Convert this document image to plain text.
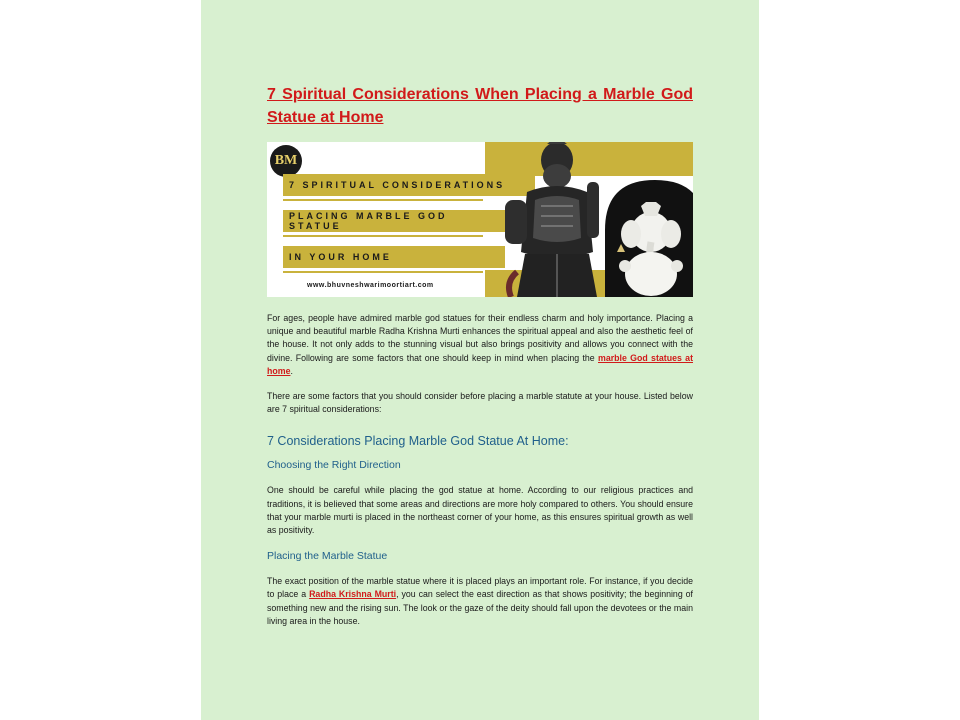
7 Spiritual Considerations When Placing a Marble God Statue at Home
BM
7 SPIRITUAL CONSIDERATIONS
PLACING MARBLE GOD STATUE
IN YOUR HOME
www.bhuvneshwarimoortiart.com

For ages, people have admired marble god statues for their endless charm and holy importance. Placing a unique and beautiful marble Radha Krishna Murti enhances the spiritual appeal and also the aesthetic feel of the house. It not only adds to the stunning visual but also brings positivity and allows you connect with the divine. Following are some factors that one should keep in mind when placing the marble God statues at home.

There are some factors that you should consider before placing a marble statute at your house. Listed below are 7 spiritual considerations:

7 Considerations Placing Marble God Statue At Home:
Choosing the Right Direction

One should be careful while placing the god statue at home. According to our religious practices and traditions, it is believed that some areas and directions are more holy compared to others. You should ensure that your marble murti is placed in the northeast corner of your home, as this ensures spiritual growth as well as positivity.

Placing the Marble Statue

The exact position of the marble statue where it is placed plays an important role. For instance, if you decide to place a Radha Krishna Murti, you can select the east direction as that shows positivity; the beginning of something new and the rising sun. The look or the gaze of the deity should fall upon the devotees or the main living area in the house.
